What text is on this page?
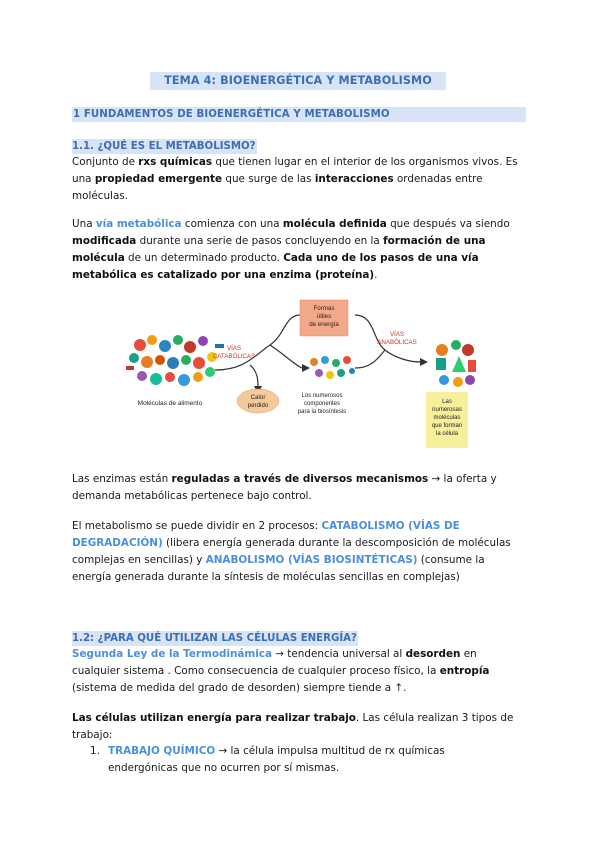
TEMA 4: BIOENERGÉTICA Y METABOLISMO
1 FUNDAMENTOS DE BIOENERGÉTICA Y METABOLISMO
1.1. ¿QUÉ ES EL METABOLISMO?
Conjunto de rxs químicas que tienen lugar en el interior de los organismos vivos. Es
una propiedad emergente que surge de las interacciones ordenadas entre
moléculas.
Una vía metabólica comienza con una molécula definida que después va siendo
modificada durante una serie de pasos concluyendo en la formación de una
molécula de un determinado producto. Cada uno de los pasos de una vía
metabólica es catalizado por una enzima (proteína).
Moléculas de alimento
Formas
útiles
de energía
VÍAS
CATABÓLICAS
VÍAS
ANABÓLICAS
Calor
perdido
Los numerosos
componentes
para la biosíntesis
Las
numerosas
moléculas
que forman
la célula
Las enzimas están reguladas a través de diversos mecanismos → la oferta y
demanda metabólicas pertenece bajo control.
El metabolismo se puede dividir en 2 procesos: CATABOLISMO (VÍAS DE
DEGRADACIÓN) (libera energía generada durante la descomposición de moléculas
complejas en sencillas) y ANABOLISMO (VÍAS BIOSINTÉTICAS) (consume la
energía generada durante la síntesis de moléculas sencillas en complejas)
1.2: ¿PARA QUÉ UTILIZAN LAS CÉLULAS ENERGÍA?
Segunda Ley de la Termodinámica → tendencia universal al desorden en
cualquier sistema . Como consecuencia de cualquier proceso físico, la entropía
(sistema de medida del grado de desorden) siempre tiende a ↑.
Las células utilizan energía para realizar trabajo. Las célula realizan 3 tipos de
trabajo:
1. TRABAJO QUÍMICO → la célula impulsa multitud de rx químicas
endergónicas que no ocurren por sí mismas.
